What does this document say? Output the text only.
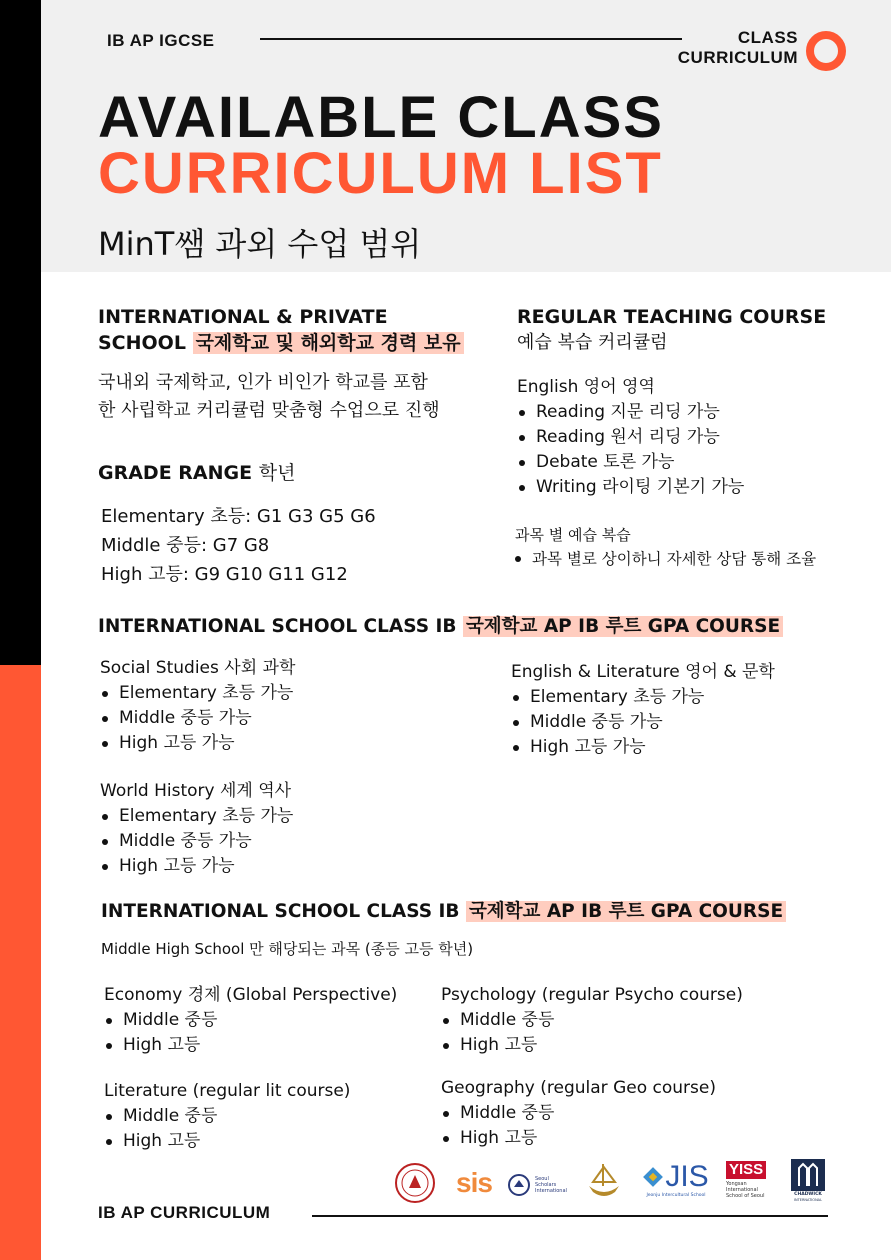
IB AP IGCSE	CLASS
CURRICULUM
AVAILABLE CLASS
CURRICULUM LIST
MinT쌤 과외 수업 범위
INTERNATIONAL & PRIVATE
SCHOOL 국제학교 및 해외학교 경력 보유
국내외 국제학교, 인가 비인가 학교를 포함
한 사립학교 커리큘럼 맞춤형 수업으로 진행
GRADE RANGE 학년
Elementary 초등: G1 G3 G5 G6
Middle 중등: G7 G8
High 고등: G9 G10 G11 G12
REGULAR TEACHING COURSE
예습 복습 커리큘럼
English 영어 영역
Reading 지문 리딩 가능
Reading 원서 리딩 가능
Debate 토론 가능
Writing 라이팅 기본기 가능
과목 별 예습 복습
과목 별로 상이하니 자세한 상담 통해 조율
INTERNATIONAL SCHOOL CLASS IB 국제학교 AP IB 루트 GPA COURSE
Social Studies 사회 과학
Elementary 초등 가능
Middle 중등 가능
High 고등 가능
English & Literature 영어 & 문학
Elementary 초등 가능
Middle 중등 가능
High 고등 가능
World History 세계 역사
Elementary 초등 가능
Middle 중등 가능
High 고등 가능
INTERNATIONAL SCHOOL CLASS IB 국제학교 AP IB 루트 GPA COURSE
Middle High School 만 해당되는 과목 (종등 고등 학년)
Economy 경제 (Global Perspective)
Middle 중등
High 고등
Psychology (regular Psycho course)
Middle 중등
High 고등
Literature (regular lit course)
Middle 중등
High 고등
Geography (regular Geo course)
Middle 중등
High 고등
sis	Seoul
Scholars
International	JIS
Jeonju Intercultural School
YISS
Yongsan
International
School of Seoul	CHADWICK
INTERNATIONAL
IB AP CURRICULUM
